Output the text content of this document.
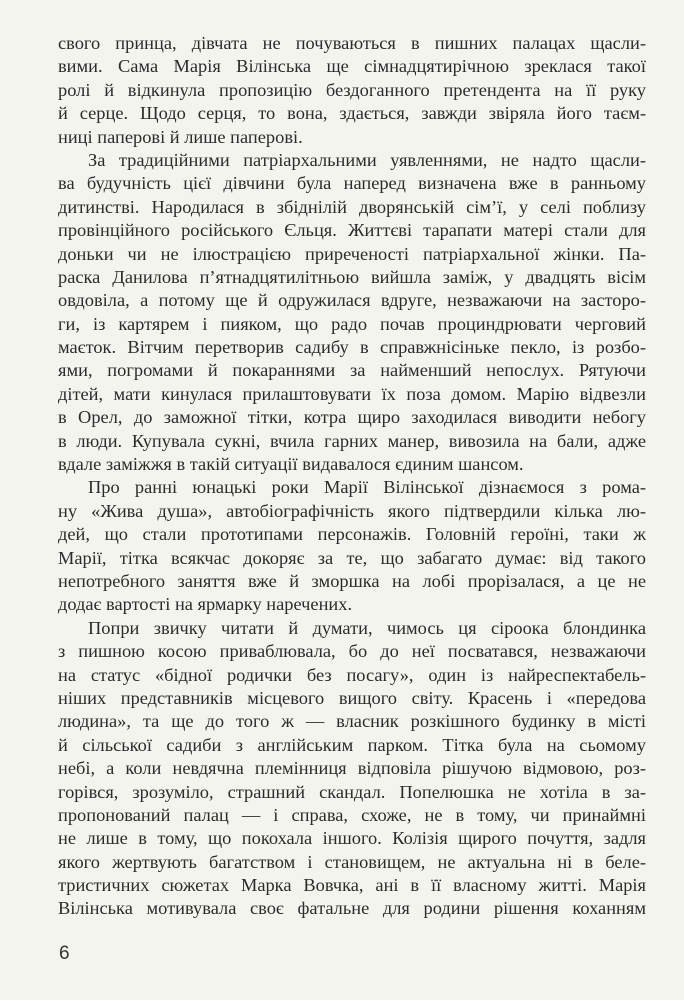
свого принца, дівчата не почуваються в пишних палацах щасли-
вими. Сама Марія Вілінська ще сімнадцятирічною зреклася такої
ролі й відкинула пропозицію бездоганного претендента на її руку
й серце. Щодо серця, то вона, здається, завжди звіряла його таєм-
ниці паперові й лише паперові.
За традиційними патріархальними уявленнями, не надто щасли-
ва будучність цієї дівчини була наперед визначена вже в ранньому
дитинстві. Народилася в збіднілій дворянській сім’ї, у селі поблизу
провінційного російського Єльця. Життєві тарапати матері стали для
доньки чи не ілюстрацією приреченості патріархальної жінки. Па-
раска Данилова п’ятнадцятилітньою вийшла заміж, у двадцять вісім
овдовіла, а потому ще й одружилася вдруге, незважаючи на засторо-
ги, із картярем і пияком, що радо почав проциндрювати черговий
маєток. Вітчим перетворив садибу в справжнісіньке пекло, із розбо-
ями, погромами й покараннями за найменший непослух. Рятуючи
дітей, мати кинулася прилаштовувати їх поза домом. Марію відвезли
в Орел, до заможної тітки, котра щиро заходилася виводити небогу
в люди. Купувала сукні, вчила гарних манер, вивозила на бали, адже
вдале заміжжя в такій ситуації видавалося єдиним шансом.
Про ранні юнацькі роки Марії Вілінської дізнаємося з рома-
ну «Жива душа», автобіографічність якого підтвердили кілька лю-
дей, що стали прототипами персонажів. Головній героїні, таки ж
Марії, тітка всякчас докоряє за те, що забагато думає: від такого
непотребного заняття вже й зморшка на лобі прорізалася, а це не
додає вартості на ярмарку наречених.
Попри звичку читати й думати, чимось ця сіроока блондинка
з пишною косою приваблювала, бо до неї посватався, незважаючи
на статус «бідної родички без посагу», один із найреспектабель-
ніших представників місцевого вищого світу. Красень і «передова
людина», та ще до того ж — власник розкішного будинку в місті
й сільської садиби з англійським парком. Тітка була на сьомому
небі, а коли невдячна племінниця відповіла рішучою відмовою, роз-
горівся, зрозуміло, страшний скандал. Попелюшка не хотіла в за-
пропонований палац — і справа, схоже, не в тому, чи принаймні
не лише в тому, що покохала іншого. Колізія щирого почуття, задля
якого жертвують багатством і становищем, не актуальна ні в беле-
тристичних сюжетах Марка Вовчка, ані в її власному житті. Марія
Вілінська мотивувала своє фатальне для родини рішення коханням
6
